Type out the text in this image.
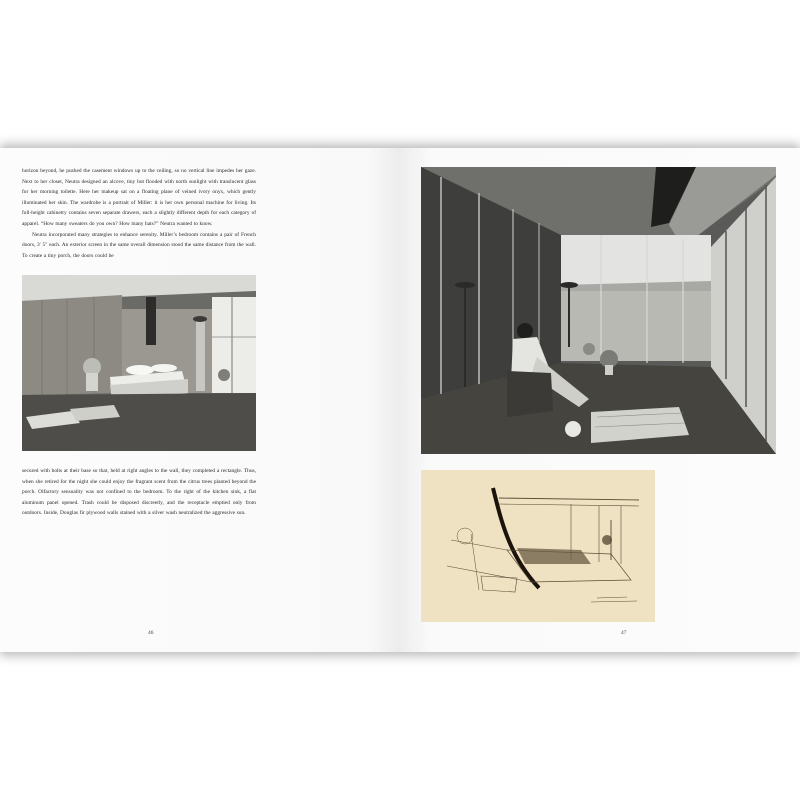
horizon beyond, he pushed the casement windows up to the ceiling, so no vertical line impedes her gaze. Next to her closet, Neutra designed an alcove, tiny but flooded with north sunlight with translucent glass for her morning toilette. Here her makeup sat on a floating plane of veined ivory onyx, which gently illuminated her skin. The wardrobe is a portrait of Miller: it is her own personal machine for living. Its full-height cabinetry contains seven separate drawers, each a slightly different depth for each category of apparel. “How many sweaters do you own? How many hats?” Neutra wanted to know.

Neutra incorporated many strategies to enhance serenity. Miller’s bedroom contains a pair of French doors, 3′ 5″ each. An exterior screen in the same overall dimension stood the same distance from the wall. To create a tiny porch, the doors could be

secured with bolts at their base so that, held at right angles to the wall, they completed a rectangle. Thus, when she retired for the night she could enjoy the fragrant scent from the citrus trees planted beyond the porch. Olfactory sensuality was not confined to the bedroom. To the right of the kitchen sink, a flat aluminum panel opened. Trash could be disposed discreetly, and the receptacle emptied only from outdoors. Inside, Douglas fir plywood walls stained with a silver wash neutralized the aggressive sun.
46	47
